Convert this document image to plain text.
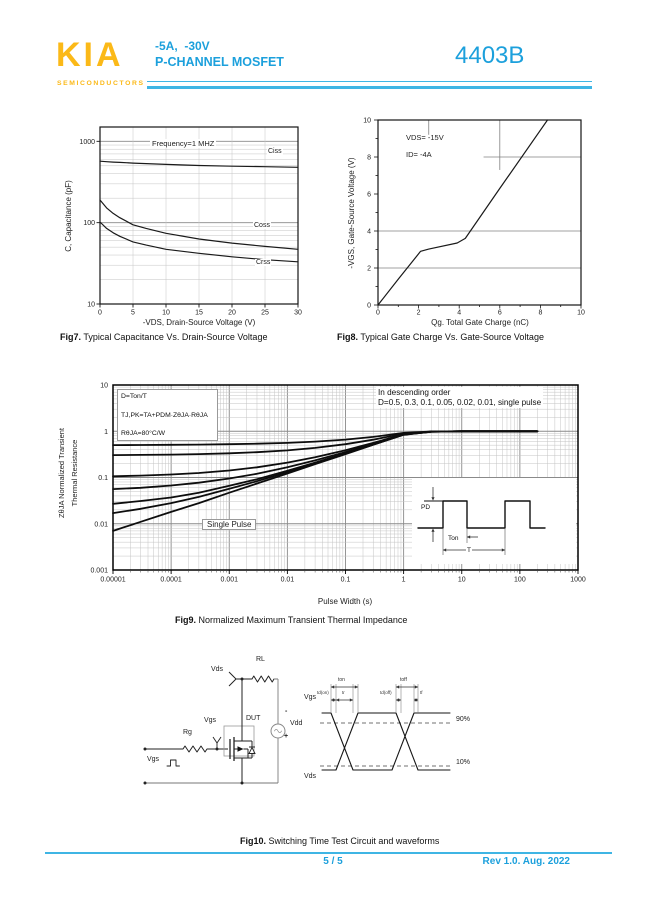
0	5	10	15	20	25	30
10
100
1000
0	2	4	6	8	10
0
2
4
6
8
10
0.00001	0.0001	0.001	0.01	0.1	1	10	100	1000
10
1
0.1
0.01
0.001
KIA
SEMICONDUCTORS
-5A,  -30V
P-CHANNEL MOSFET	4403B
C, Capacitance (pF)
Frequency=1 MHZ
Ciss
Coss
Crss
-VDS, Drain-Source Voltage (V)
Fig7. Typical Capacitance Vs. Drain-Source Voltage
-VGS, Gate-Source Voltage (V)
VDS= -15V
ID= -4A
Qg. Total Gate Charge (nC)
Fig8. Typical Gate Charge Vs. Gate-Source Voltage
ZθJA Normalized Transient Thermal Resistance
D=Ton/T
TJ,PK=TA+PDM·ZθJA·RθJA
RθJA=80°C/W
In descending order
D=0.5, 0.3, 0.1, 0.05, 0.02, 0.01, single pulse
Single Pulse
PD
Ton
T
Pulse Width (s)
Fig9. Normalized Maximum Transient Thermal Impedance
RL
Vds
DUT
Vgs
Rg
Vgs
-
Vdd
+
Vgs
Vds
90%
10%
ton	toff
td(on)	tr	td(off)	tf
Fig10. Switching Time Test Circuit and waveforms
5 / 5	Rev 1.0. Aug. 2022
